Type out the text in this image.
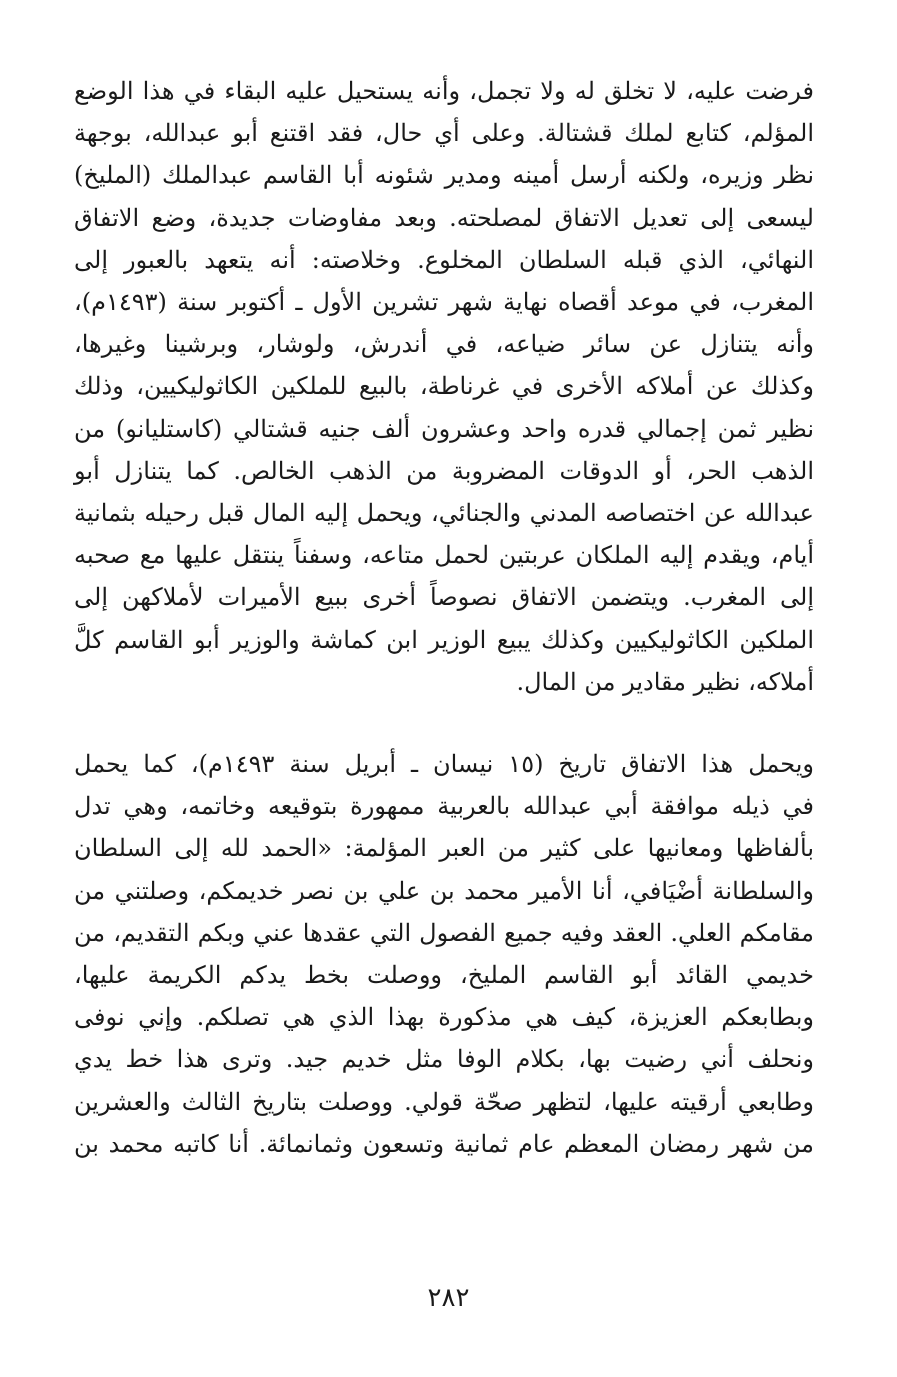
فرضت عليه، لا تخلق له ولا تجمل، وأنه يستحيل عليه البقاء في هذا الوضع
المؤلم، كتابع لملك قشتالة. وعلى أي حال، فقد اقتنع أبو عبدالله، بوجهة
نظر وزيره، ولكنه أرسل أمينه ومدير شئونه أبا القاسم عبدالملك (المليخ)
ليسعى إلى تعديل الاتفاق لمصلحته. وبعد مفاوضات جديدة، وضع الاتفاق
النهائي، الذي قبله السلطان المخلوع. وخلاصته: أنه يتعهد بالعبور إلى
المغرب، في موعد أقصاه نهاية شهر تشرين الأول ـ أكتوبر سنة (١٤٩٣م)،
وأنه يتنازل عن سائر ضياعه، في أندرش، ولوشار، وبرشينا وغيرها،
وكذلك عن أملاكه الأخرى في غرناطة، بالبيع للملكين الكاثوليكيين، وذلك
نظير ثمن إجمالي قدره واحد وعشرون ألف جنيه قشتالي (كاستليانو) من
الذهب الحر، أو الدوقات المضروبة من الذهب الخالص. كما يتنازل أبو
عبدالله عن اختصاصه المدني والجنائي، ويحمل إليه المال قبل رحيله بثمانية
أيام، ويقدم إليه الملكان عربتين لحمل متاعه، وسفناً ينتقل عليها مع صحبه
إلى المغرب. ويتضمن الاتفاق نصوصاً أخرى ببيع الأميرات لأملاكهن إلى
الملكين الكاثوليكيين وكذلك يبيع الوزير ابن كماشة والوزير أبو القاسم كلَّ
أملاكه، نظير مقادير من المال.

ويحمل هذا الاتفاق تاريخ (١٥ نيسان ـ أبريل سنة ١٤٩٣م)، كما يحمل
في ذيله موافقة أبي عبدالله بالعربية ممهورة بتوقيعه وخاتمه، وهي تدل
بألفاظها ومعانيها على كثير من العبر المؤلمة: «الحمد لله إلى السلطان
والسلطانة أضْيَافي، أنا الأمير محمد بن علي بن نصر خديمكم، وصلتني من
مقامكم العلي. العقد وفيه جميع الفصول التي عقدها عني وبكم التقديم، من
خديمي القائد أبو القاسم المليخ، ووصلت بخط يدكم الكريمة عليها،
وبطابعكم العزيزة، كيف هي مذكورة بهذا الذي هي تصلكم. وإني نوفى
ونحلف أني رضيت بها، بكلام الوفا مثل خديم جيد. وترى هذا خط يدي
وطابعي أرقيته عليها، لتظهر صحّة قولي. ووصلت بتاريخ الثالث والعشرين
من شهر رمضان المعظم عام ثمانية وتسعون وثمانمائة. أنا كاتبه محمد بن

٢٨٢
